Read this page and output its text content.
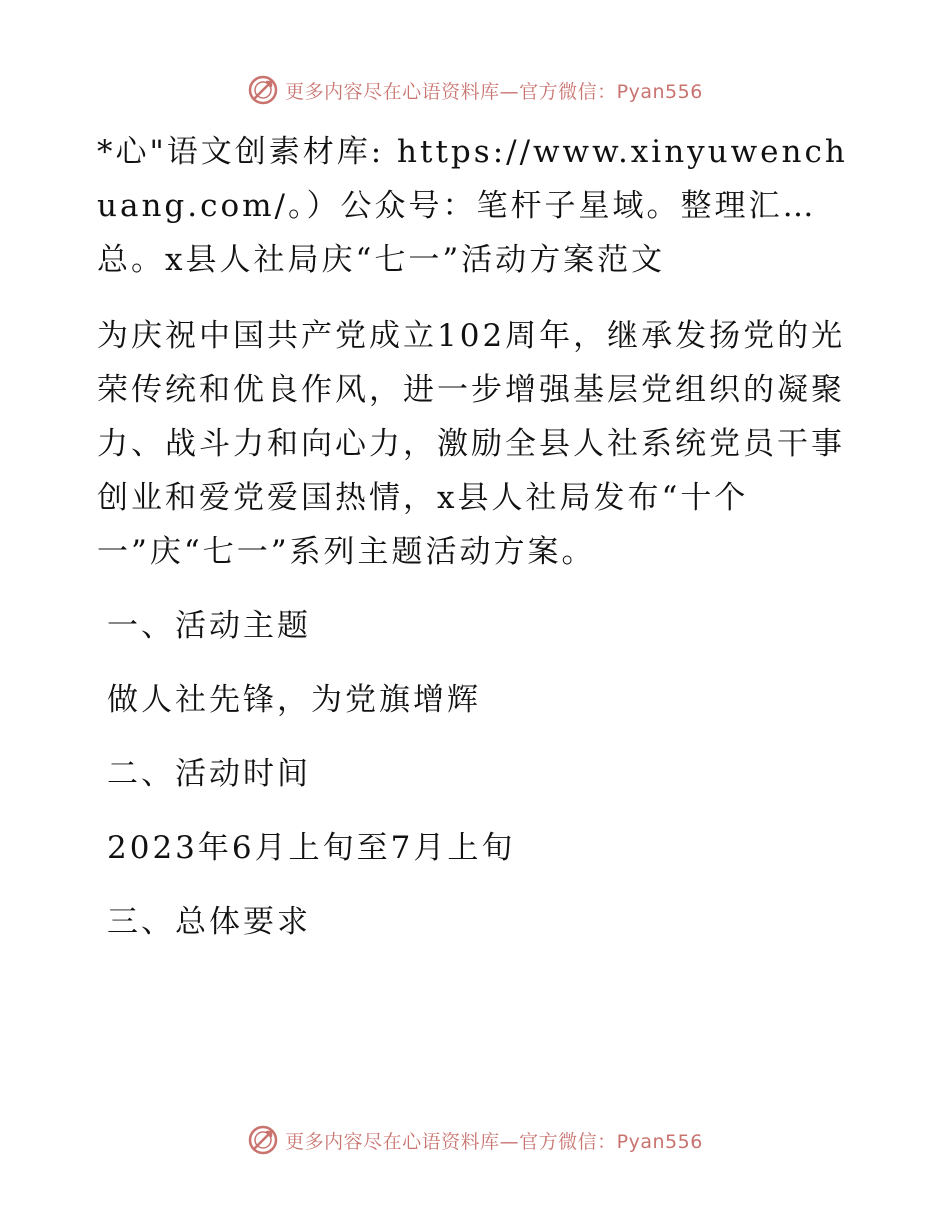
更多内容尽在心语资料库—官方微信：Pyan556

*心"语文创素材库: https://www.xinyuwenchuang.com/。）公众号：笔杆子星域。整理汇…总。x县人社局庆“七一”活动方案范文

为庆祝中国共产党成立102周年，继承发扬党的光荣传统和优良作风，进一步增强基层党组织的凝聚力、战斗力和向心力，激励全县人社系统党员干事创业和爱党爱国热情，x县人社局发布“十个一”庆“七一”系列主题活动方案。

一、活动主题

做人社先锋，为党旗增辉

二、活动时间

2023年6月上旬至7月上旬

三、总体要求

更多内容尽在心语资料库—官方微信：Pyan556
